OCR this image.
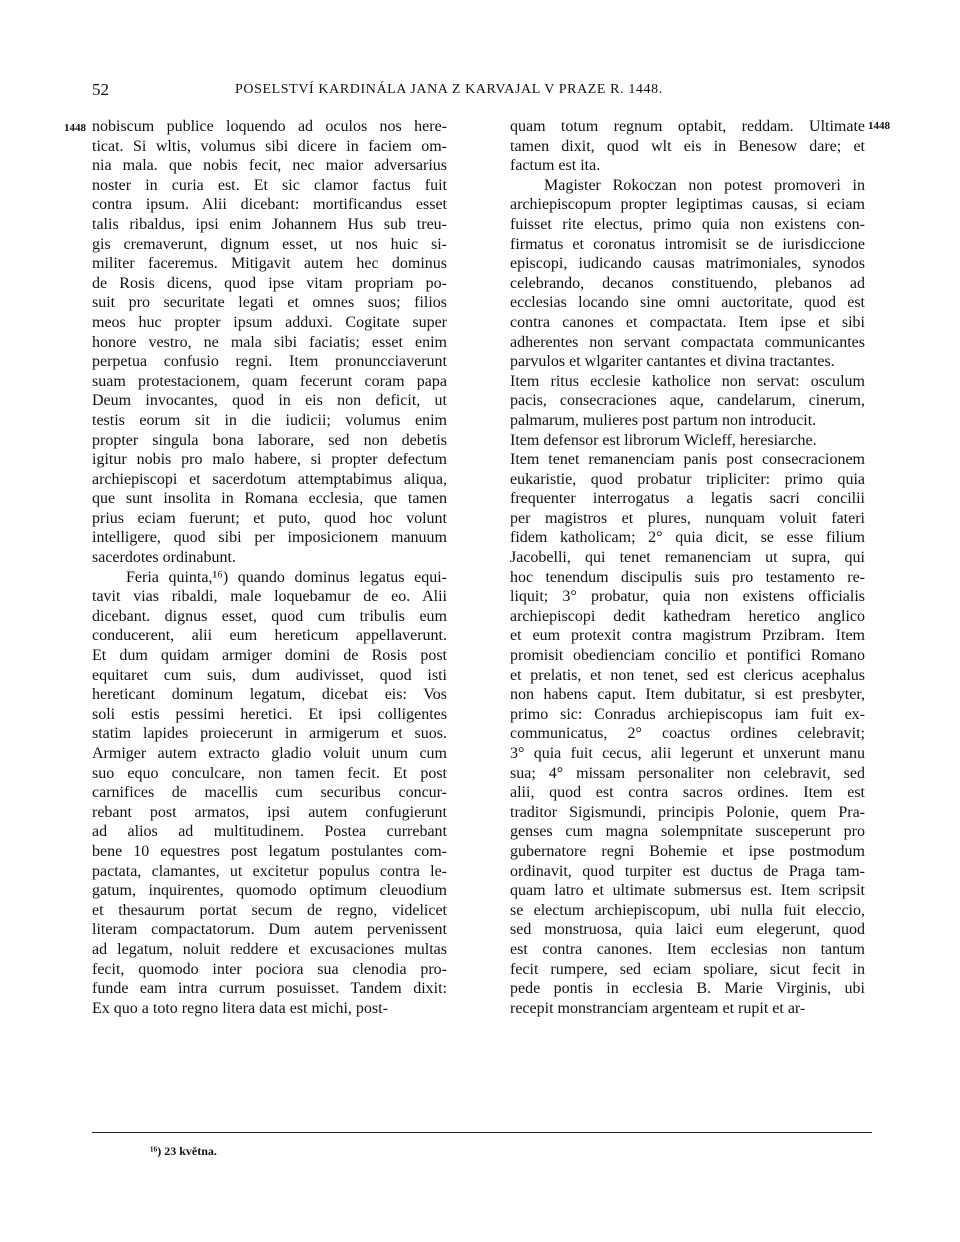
52	POSELSTVÍ KARDINÁLA JANA Z KARVAJAL V PRAZE R. 1448.
1448	1448
nobiscum publice loquendo ad oculos nos here-
ticat. Si wltis, volumus sibi dicere in faciem om-
nia mala. que nobis fecit, nec maior adversarius
noster in curia est. Et sic clamor factus fuit
contra ipsum. Alii dicebant: mortificandus esset
talis ribaldus, ipsi enim Johannem Hus sub treu-
gis cremaverunt, dignum esset, ut nos huic si-
militer faceremus. Mitigavit autem hec dominus
de Rosis dicens, quod ipse vitam propriam po-
suit pro securitate legati et omnes suos; filios
meos huc propter ipsum adduxi. Cogitate super
honore vestro, ne mala sibi faciatis; esset enim
perpetua confusio regni. Item pronuncciaverunt
suam protestacionem, quam fecerunt coram papa
Deum invocantes, quod in eis non deficit, ut
testis eorum sit in die iudicii; volumus enim
propter singula bona laborare, sed non debetis
igitur nobis pro malo habere, si propter defectum
archiepiscopi et sacerdotum attemptabimus aliqua,
que sunt insolita in Romana ecclesia, que tamen
prius eciam fuerunt; et puto, quod hoc volunt
intelligere, quod sibi per imposicionem manuum
sacerdotes ordinabunt.
Feria quinta,¹⁶) quando dominus legatus equi-
tavit vias ribaldi, male loquebamur de eo. Alii
dicebant. dignus esset, quod cum tribulis eum
conducerent, alii eum hereticum appellaverunt.
Et dum quidam armiger domini de Rosis post
equitaret cum suis, dum audivisset, quod isti
hereticant dominum legatum, dicebat eis: Vos
soli estis pessimi heretici. Et ipsi colligentes
statim lapides proiecerunt in armigerum et suos.
Armiger autem extracto gladio voluit unum cum
suo equo conculcare, non tamen fecit. Et post
carnifices de macellis cum securibus concur-
rebant post armatos, ipsi autem confugierunt
ad alios ad multitudinem. Postea currebant
bene 10 equestres post legatum postulantes com-
pactata, clamantes, ut excitetur populus contra le-
gatum, inquirentes, quomodo optimum cleuodium
et thesaurum portat secum de regno, videlicet
literam compactatorum. Dum autem pervenissent
ad legatum, noluit reddere et excusaciones multas
fecit, quomodo inter pociora sua clenodia pro-
funde eam intra currum posuisset. Tandem dixit:
Ex quo a toto regno litera data est michi, post-
quam totum regnum optabit, reddam. Ultimate
tamen dixit, quod wlt eis in Benesow dare; et
factum est ita.
Magister Rokoczan non potest promoveri in
archiepiscopum propter legiptimas causas, si eciam
fuisset rite electus, primo quia non existens con-
firmatus et coronatus intromisit se de iurisdiccione
episcopi, iudicando causas matrimoniales, synodos
celebrando, decanos constituendo, plebanos ad
ecclesias locando sine omni auctoritate, quod est
contra canones et compactata. Item ipse et sibi
adherentes non servant compactata communicantes
parvulos et wlgariter cantantes et divina tractantes.
Item ritus ecclesie katholice non servat: osculum
pacis, consecraciones aque, candelarum, cinerum,
palmarum, mulieres post partum non introducit.
Item defensor est librorum Wicleff, heresiarche.
Item tenet remanenciam panis post consecracionem
eukaristie, quod probatur tripliciter: primo quia
frequenter interrogatus a legatis sacri concilii
per magistros et plures, nunquam voluit fateri
fidem katholicam; 2° quia dicit, se esse filium
Jacobelli, qui tenet remanenciam ut supra, qui
hoc tenendum discipulis suis pro testamento re-
liquit; 3° probatur, quia non existens officialis
archiepiscopi dedit kathedram heretico anglico
et eum protexit contra magistrum Przibram. Item
promisit obedienciam concilio et pontifici Romano
et prelatis, et non tenet, sed est clericus acephalus
non habens caput. Item dubitatur, si est presbyter,
primo sic: Conradus archiepiscopus iam fuit ex-
communicatus, 2° coactus ordines celebravit;
3° quia fuit cecus, alii legerunt et unxerunt manu
sua; 4° missam personaliter non celebravit, sed
alii, quod est contra sacros ordines. Item est
traditor Sigismundi, principis Polonie, quem Pra-
genses cum magna solempnitate susceperunt pro
gubernatore regni Bohemie et ipse postmodum
ordinavit, quod turpiter est ductus de Praga tam-
quam latro et ultimate submersus est. Item scripsit
se electum archiepiscopum, ubi nulla fuit eleccio,
sed monstruosa, quia laici eum elegerunt, quod
est contra canones. Item ecclesias non tantum
fecit rumpere, sed eciam spoliare, sicut fecit in
pede pontis in ecclesia B. Marie Virginis, ubi
recepit monstranciam argenteam et rupit et ar-
¹⁶) 23 května.
